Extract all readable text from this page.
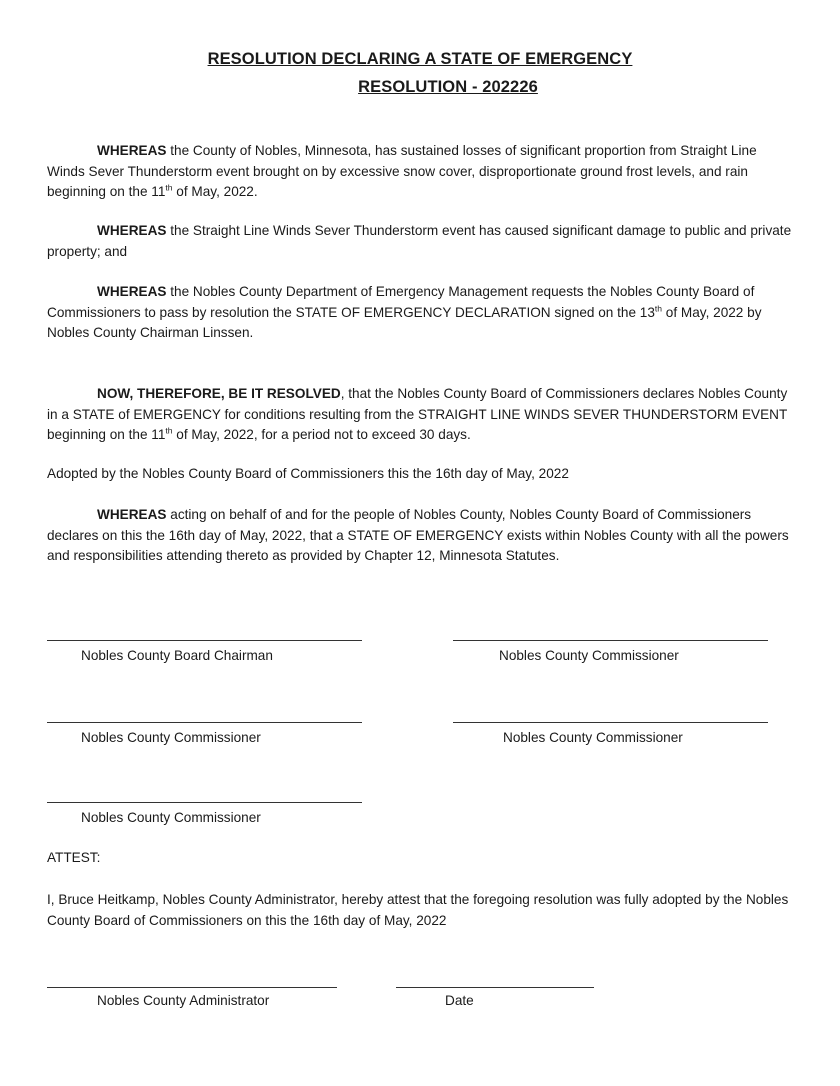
RESOLUTION DECLARING A STATE OF EMERGENCY
RESOLUTION - 202226

WHEREAS the County of Nobles, Minnesota, has sustained losses of significant proportion from Straight Line Winds Sever Thunderstorm event brought on by excessive snow cover, disproportionate ground frost levels, and rain beginning on the 11th of May, 2022.

WHEREAS the Straight Line Winds Sever Thunderstorm event has caused significant damage to public and private property; and

WHEREAS the Nobles County Department of Emergency Management requests the Nobles County Board of Commissioners to pass by resolution the STATE OF EMERGENCY DECLARATION signed on the 13th of May, 2022 by Nobles County Chairman Linssen.

NOW, THEREFORE, BE IT RESOLVED, that the Nobles County Board of Commissioners declares Nobles County in a STATE of EMERGENCY for conditions resulting from the STRAIGHT LINE WINDS SEVER THUNDERSTORM EVENT beginning on the 11th of May, 2022, for a period not to exceed 30 days.

Adopted by the Nobles County Board of Commissioners this the 16th day of May, 2022

WHEREAS acting on behalf of and for the people of Nobles County, Nobles County Board of Commissioners declares on this the 16th day of May, 2022, that a STATE OF EMERGENCY exists within Nobles County with all the powers and responsibilities attending thereto as provided by Chapter 12, Minnesota Statutes.

Nobles County Board Chairman	Nobles County Commissioner
Nobles County Commissioner	Nobles County Commissioner
Nobles County Commissioner
ATTEST:

I, Bruce Heitkamp, Nobles County Administrator, hereby attest that the foregoing resolution was fully adopted by the Nobles County Board of Commissioners on this the 16th day of May, 2022

Nobles County Administrator	Date
